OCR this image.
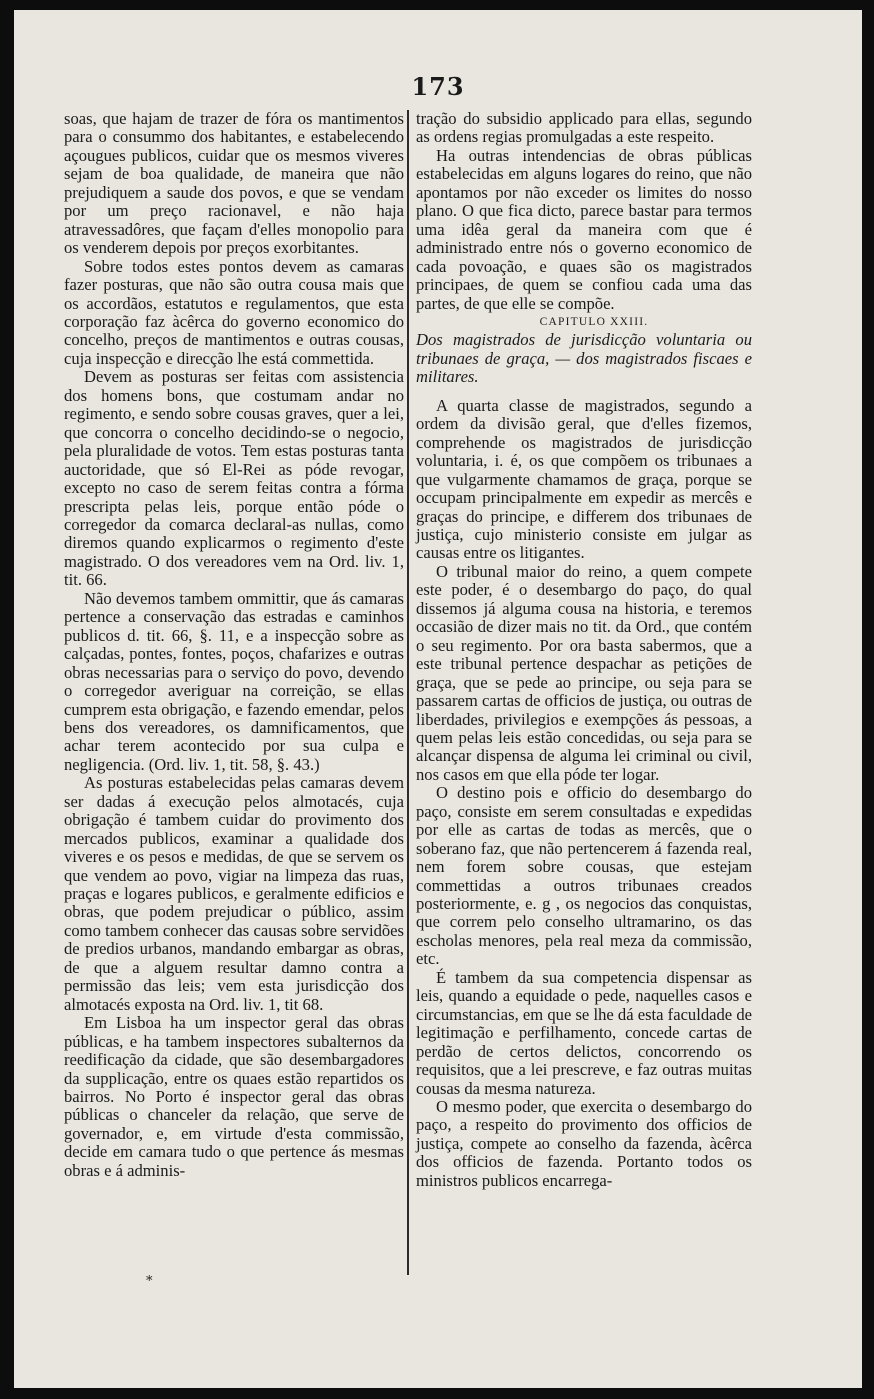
173

soas, que hajam de trazer de fóra os mantimentos para o consummo dos habitantes, e estabelecendo açougues publicos, cuidar que os mesmos viveres sejam de boa qualidade, de maneira que não prejudiquem a saude dos povos, e que se vendam por um preço racionavel, e não haja atravessadôres, que façam d'elles monopolio para os venderem depois por preços exorbitantes.

Sobre todos estes pontos devem as camaras fazer posturas, que não são outra cousa mais que os accordãos, estatutos e regulamentos, que esta corporação faz àcêrca do governo economico do concelho, preços de mantimentos e outras cousas, cuja inspecção e direcção lhe está commettida.

Devem as posturas ser feitas com assistencia dos homens bons, que costumam andar no regimento, e sendo sobre cousas graves, quer a lei, que concorra o concelho decidindo-se o negocio, pela pluralidade de votos. Tem estas posturas tanta auctoridade, que só El-Rei as póde revogar, excepto no caso de serem feitas contra a fórma prescripta pelas leis, porque então póde o corregedor da comarca declaral-as nullas, como diremos quando explicarmos o regimento d'este magistrado. O dos vereadores vem na Ord. liv. 1, tit. 66.

Não devemos tambem ommittir, que ás camaras pertence a conservação das estradas e caminhos publicos d. tit. 66, §. 11, e a inspecção sobre as calçadas, pontes, fontes, poços, chafarizes e outras obras necessarias para o serviço do povo, devendo o corregedor averiguar na correição, se ellas cumprem esta obrigação, e fazendo emendar, pelos bens dos vereadores, os damnificamentos, que achar terem acontecido por sua culpa e negligencia. (Ord. liv. 1, tit. 58, §. 43.)

As posturas estabelecidas pelas camaras devem ser dadas á execução pelos almotacés, cuja obrigação é tambem cuidar do provimento dos mercados publicos, examinar a qualidade dos viveres e os pesos e medidas, de que se servem os que vendem ao povo, vigiar na limpeza das ruas, praças e logares publicos, e geralmente edificios e obras, que podem prejudicar o público, assim como tambem conhecer das causas sobre servidões de predios urbanos, mandando embargar as obras, de que a alguem resultar damno contra a permissão das leis; vem esta jurisdicção dos almotacés exposta na Ord. liv. 1, tit 68.

Em Lisboa ha um inspector geral das obras públicas, e ha tambem inspectores subalternos da reedificação da cidade, que são desembargadores da supplicação, entre os quaes estão repartidos os bairros. No Porto é inspector geral das obras públicas o chanceler da relação, que serve de governador, e, em virtude d'esta commissão, decide em camara tudo o que pertence ás mesmas obras e á adminis-

tração do subsidio applicado para ellas, segundo as ordens regias promulgadas a este respeito.

Ha outras intendencias de obras públicas estabelecidas em alguns logares do reino, que não apontamos por não exceder os limites do nosso plano. O que fica dicto, parece bastar para termos uma idêa geral da maneira com que é administrado entre nós o governo economico de cada povoação, e quaes são os magistrados principaes, de quem se confiou cada uma das partes, de que elle se compõe.

CAPITULO XXIII.

Dos magistrados de jurisdicção voluntaria ou tribunaes de graça, — dos magistrados fiscaes e militares.

A quarta classe de magistrados, segundo a ordem da divisão geral, que d'elles fizemos, comprehende os magistrados de jurisdicção voluntaria, i. é, os que compõem os tribunaes a que vulgarmente chamamos de graça, porque se occupam principalmente em expedir as mercês e graças do principe, e differem dos tribunaes de justiça, cujo ministerio consiste em julgar as causas entre os litigantes.

O tribunal maior do reino, a quem compete este poder, é o desembargo do paço, do qual dissemos já alguma cousa na historia, e teremos occasião de dizer mais no tit. da Ord., que contém o seu regimento. Por ora basta sabermos, que a este tribunal pertence despachar as petições de graça, que se pede ao principe, ou seja para se passarem cartas de officios de justiça, ou outras de liberdades, privilegios e exempções ás pessoas, a quem pelas leis estão concedidas, ou seja para se alcançar dispensa de alguma lei criminal ou civil, nos casos em que ella póde ter logar.

O destino pois e officio do desembargo do paço, consiste em serem consultadas e expedidas por elle as cartas de todas as mercês, que o soberano faz, que não pertencerem á fazenda real, nem forem sobre cousas, que estejam commettidas a outros tribunaes creados posteriormente, e. g , os negocios das conquistas, que correm pelo conselho ultramarino, os das escholas menores, pela real meza da commissão, etc.

É tambem da sua competencia dispensar as leis, quando a equidade o pede, naquelles casos e circumstancias, em que se lhe dá esta faculdade de legitimação e perfilhamento, concede cartas de perdão de certos delictos, concorrendo os requisitos, que a lei prescreve, e faz outras muitas cousas da mesma natureza.

O mesmo poder, que exercita o desembargo do paço, a respeito do provimento dos officios de justiça, compete ao conselho da fazenda, àcêrca dos officios de fazenda. Portanto todos os ministros publicos encarrega-

*
